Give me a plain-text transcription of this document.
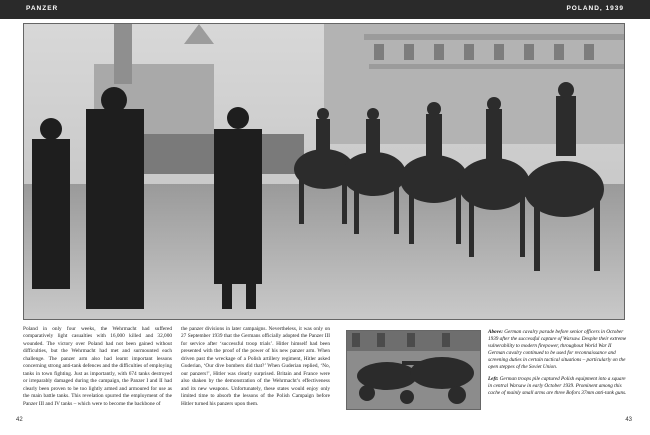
PANZER	POLAND, 1939
Poland in only four weeks, the Wehrmacht had suffered comparatively light casualties with 16,000 killed and 32,000 wounded. The victory over Poland had not been gained without difficulties, but the Wehrmacht had met and surmounted each challenge. The panzer arm also had learnt important lessons concerning strong anti-tank defences and the difficulties of employing tanks in town fighting. Just as importantly, with 674 tanks destroyed or irreparably damaged during the campaign, the Panzer I and II had clearly been proven to be too lightly armed and armoured for use as the main battle tanks. This revelation spurred the employment of the Panzer III and IV tanks – which were to become the backbone of
the panzer divisions in later campaigns. Nevertheless, it was only on 27 September 1939 that the Germans officially adopted the Panzer III for service after ‘successful troop trials’. Hitler himself had been presented with the proof of the power of his new panzer arm. When driven past the wreckage of a Polish artillery regiment, Hitler asked Guderian, ‘Our dive bombers did that?’ When Guderian replied, ‘No, our panzers!’, Hitler was clearly surprised. Britain and France were also shaken by the demonstration of the Wehrmacht’s effectiveness and its new weapons. Unfortunately, these states would enjoy only limited time to absorb the lessons of the Polish Campaign before Hitler turned his panzers upon them.

Above: German cavalry parade before senior officers in October 1939 after the successful capture of Warsaw. Despite their extreme vulnerability to modern firepower, throughout World War II German cavalry continued to be used for reconnaissance and screening duties in certain tactical situations – particularly on the open steppes of the Soviet Union.

Left: German troops pile captured Polish equipment into a square in central Warsaw in early October 1939. Prominent among this cache of mainly small arms are three Bofors 37mm anti-tank guns.

42	43
